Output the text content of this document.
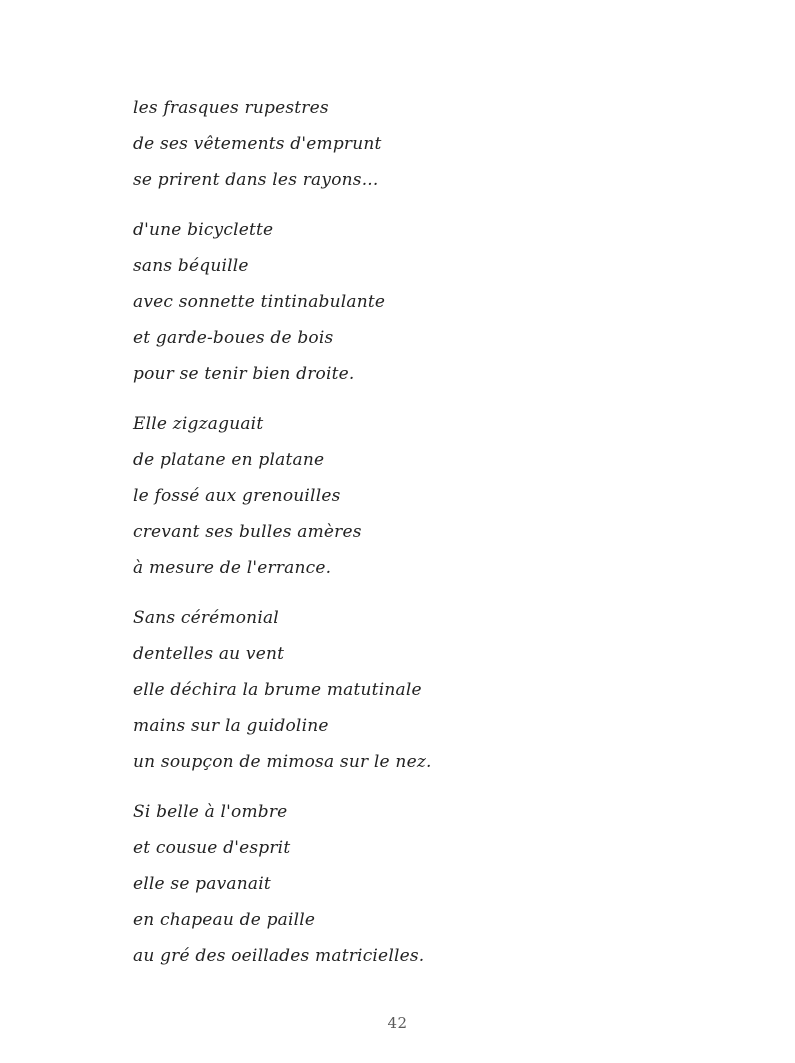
les frasques rupestres

de ses vêtements d'emprunt

se prirent dans les rayons...

d'une bicyclette

sans béquille

avec sonnette tintinabulante

et garde-boues de bois

pour se tenir bien droite.

Elle zigzaguait

de platane en platane

le fossé aux grenouilles

crevant ses bulles amères

à mesure de l'errance.

Sans cérémonial

dentelles au vent

elle déchira la brume matutinale

mains sur la guidoline

un soupçon de mimosa sur le nez.

Si belle à l'ombre

et cousue d'esprit

elle se pavanait

en chapeau de paille

au gré des oeillades matricielles.

42
